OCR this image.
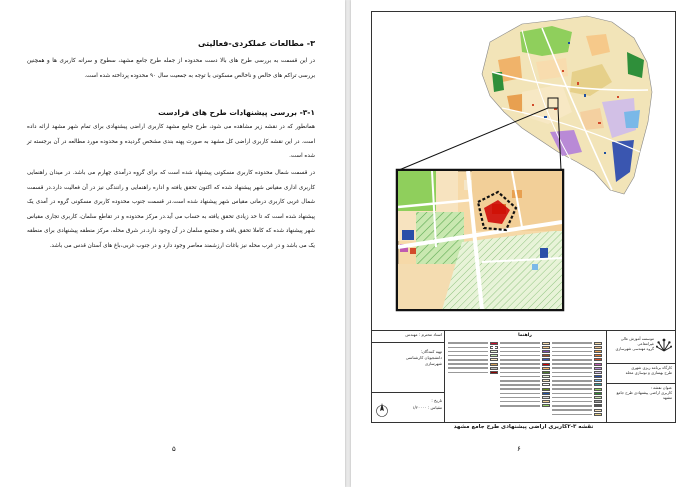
۳- مطالعات عملکردی-فعالیتی
در این قسمت به بررسی طرح های بالا دست محدوده از جمله طرح جامع مشهد، سطوح و سرانه کاربری ها و همچنین بررسی تراکم های خالص و ناخالص مسکونی با توجه به جمعیت سال ۹۰ محدوده پرداخته شده است.
۳-۱- بررسی پیشنهادات طرح های فرادست
همانطور که در نقشه زیر مشاهده می شود، طرح جامع مشهد کاربری اراضی پیشنهادی برای تمام شهر مشهد ارائه داده است. در این نقشه کاربری اراضی کل مشهد به صورت پهنه بندی مشخص گردیده و محدوده مورد مطالعه در آن برجسته تر شده است.
در قسمت شمال محدوده کاربری مسکونی پیشنهاد شده است که برای گروه درآمدی چهارم می باشد. در میدان راهنمایی کاربری اداری مقیاس شهر پیشنهاد شده که اکنون تحقق یافته و اداره راهنمایی و رانندگی نیز در آن فعالیت دارد.در قسمت شمال غربی کاربری درمانی مقیاس شهر پیشنهاد شده است.در قسمت جنوب محدوده کاربری مسکونی گروه در آمدی یک پیشنهاد شده است که تا حد زیادی تحقق یافته به حساب می آید.در مرکز محدوده و در تقاطع سلمان، کاربری تجاری مقیاس شهر پیشنهاد شده که کاملا تحقق یافته و مجتمع سلمان در آن وجود دارد.در شرق محله، مرکز منطقه پیشنهادی برای منطقه یک می باشد و در غرب محله نیز باغات ارزشمند معاصر وجود دارد و در جنوب غربی،باغ های آستان قدس می باشد.
۵
استاد محترم : مهندس
تهیه کنندگان:
دانشجویان کارشناسی
شهرسازی
تاریخ :
مقیاس : ۱/۲۰۰۰۰
راهنما
موسسه آموزش عالی غیرانتفاعی
گروه مهندسی شهرسازی
کارگاه برنامه ریزی شهری
طرح بهسازی و نوسازی محله
عنوان نقشه :
کاربری اراضی پیشنهادی طرح جامع مشهد
نقشه ۳-۲کاربری اراضی پیشنهادی طرح جامع مشهد
۶
